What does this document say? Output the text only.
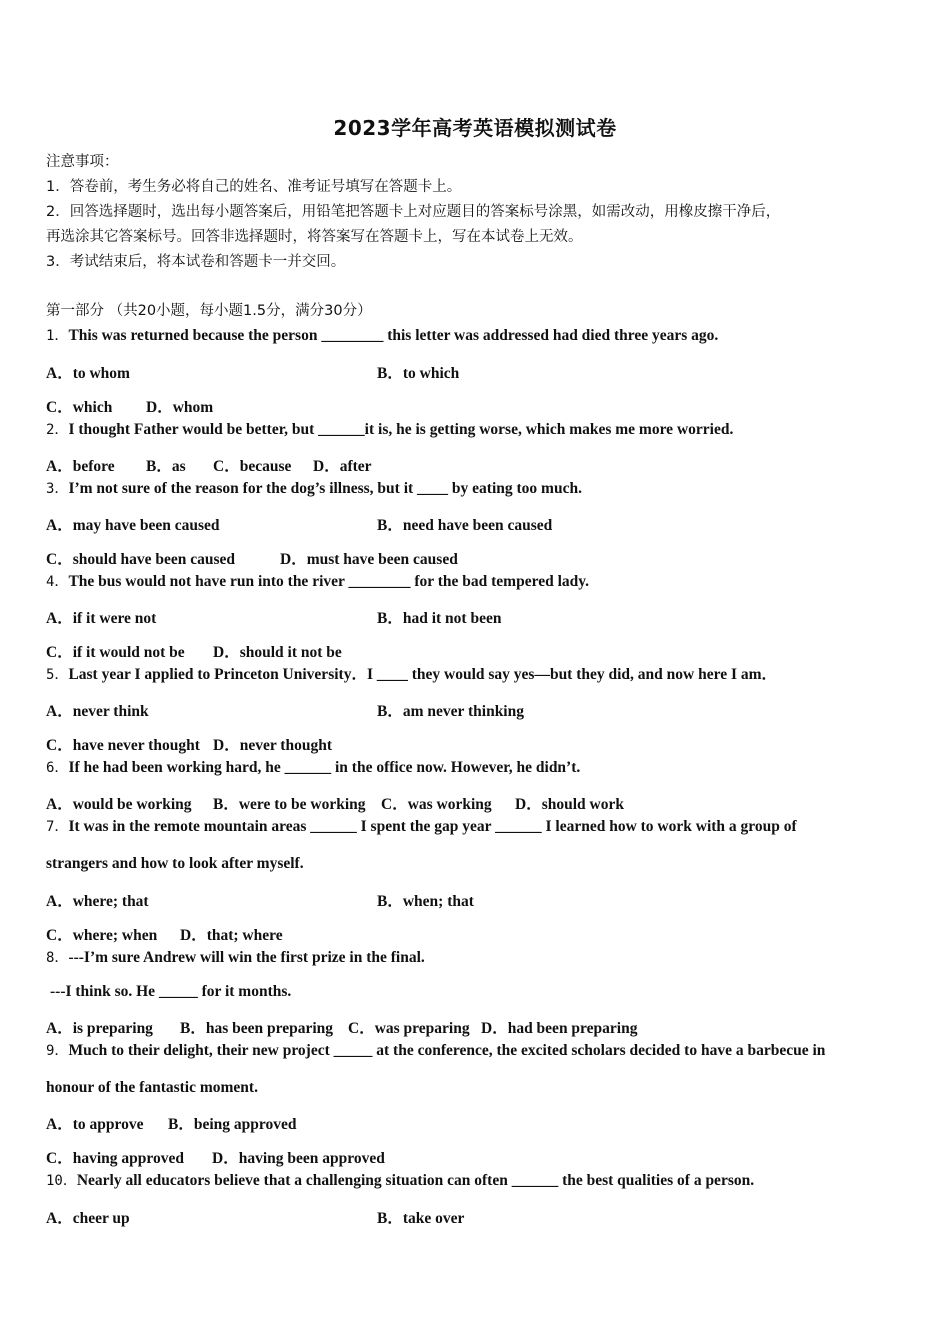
2023学年高考英语模拟测试卷
注意事项：
1．答卷前，考生务必将自己的姓名、准考证号填写在答题卡上。
2．回答选择题时，选出每小题答案后，用铅笔把答题卡上对应题目的答案标号涂黑，如需改动，用橡皮擦干净后，
再选涂其它答案标号。回答非选择题时，将答案写在答题卡上，写在本试卷上无效。
3．考试结束后，将本试卷和答题卡一并交回。
第一部分 （共20小题，每小题1.5分，满分30分）
1．This was returned because the person ________ this letter was addressed had died three years ago.
A．to whom	B．to which
C．which D．whom
2．I thought Father would be better, but ______it is, he is getting worse, which makes me more worried.
A．before B．as C．because D．after
3．I’m not sure of the reason for the dog’s illness, but it ____ by eating too much.
A．may have been caused	B．need have been caused
C．should have been caused	D．must have been caused
4．The bus would not have run into the river ________ for the bad tempered lady.
A．if it were not	B．had it not been
C．if it would not be D．should it not be
5．Last year I applied to Princeton University．I ____ they would say yes—but they did, and now here I am．
A．never think	B．am never thinking
C．have never thought D．never thought
6．If he had been working hard, he ______ in the office now. However, he didn’t.
A．would be working B．were to be working C．was working D．should work
7．It was in the remote mountain areas ______ I spent the gap year ______ I learned how to work with a group of
strangers and how to look after myself.
A．where; that	B．when; that
C．where; when D．that; where
8．---I’m sure Andrew will win the first prize in the final.
---I think so. He _____ for it months.
A．is preparing B．has been preparing C．was preparing D．had been preparing
9．Much to their delight, their new project _____ at the conference, the excited scholars decided to have a barbecue in
honour of the fantastic moment.
A．to approve B．being approved
C．having approved D．having been approved
10．Nearly all educators believe that a challenging situation can often ______ the best qualities of a person.
A．cheer up	B．take over
